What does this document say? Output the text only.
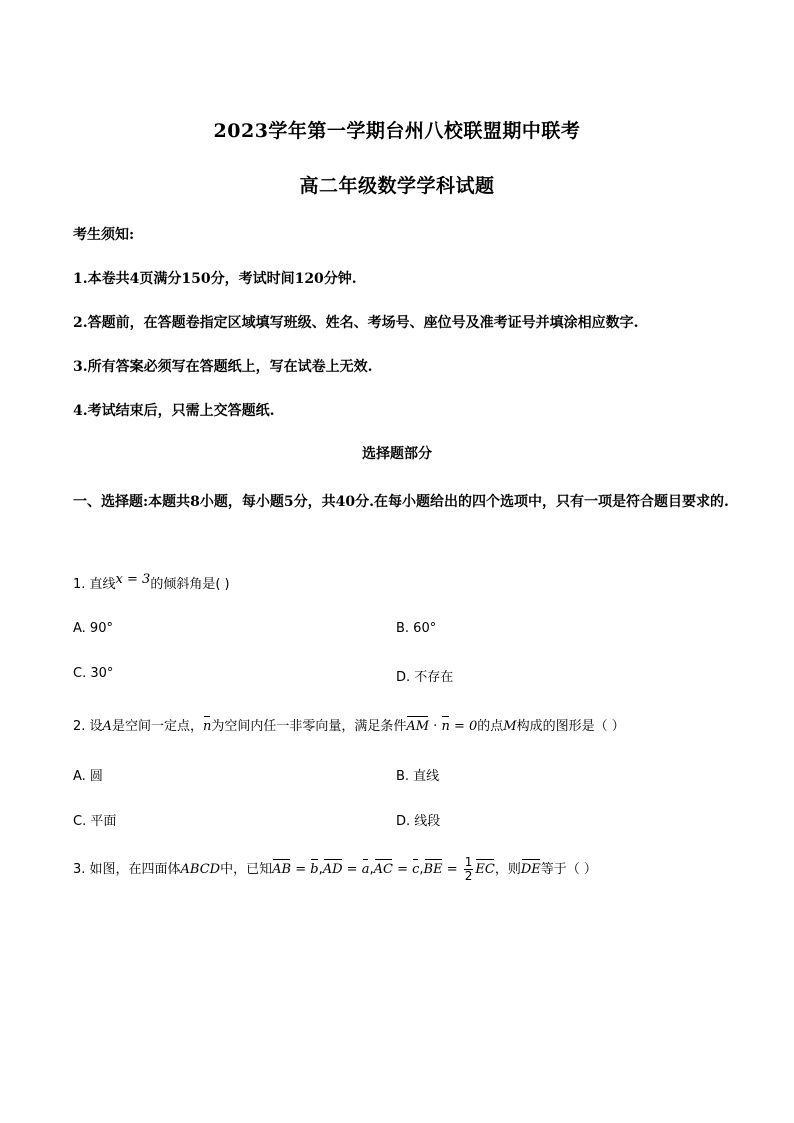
2023学年第一学期台州八校联盟期中联考
高二年级数学学科试题
考生须知:
1.本卷共4页满分150分，考试时间120分钟.
2.答题前，在答题卷指定区域填写班级、姓名、考场号、座位号及准考证号并填涂相应数字.
3.所有答案必须写在答题纸上，写在试卷上无效.
4.考试结束后，只需上交答题纸.
选择题部分
一、选择题:本题共8小题，每小题5分，共40分.在每小题给出的四个选项中，只有一项是符合题目要求的.
1. 直线x = 3的倾斜角是( )
A. 90°	B. 60°
C. 30°	D. 不存在
2. 设A是空间一定点，n为空间内任一非零向量，满足条件AM · n = 0的点M构成的图形是（ ）
A. 圆	B. 直线
C. 平面	D. 线段
3. 如图，在四面体ABCD中，已知AB = $b,AD = a,AC = c,BE = \frac{1}{2}$ EC，则DE等于（ ）
